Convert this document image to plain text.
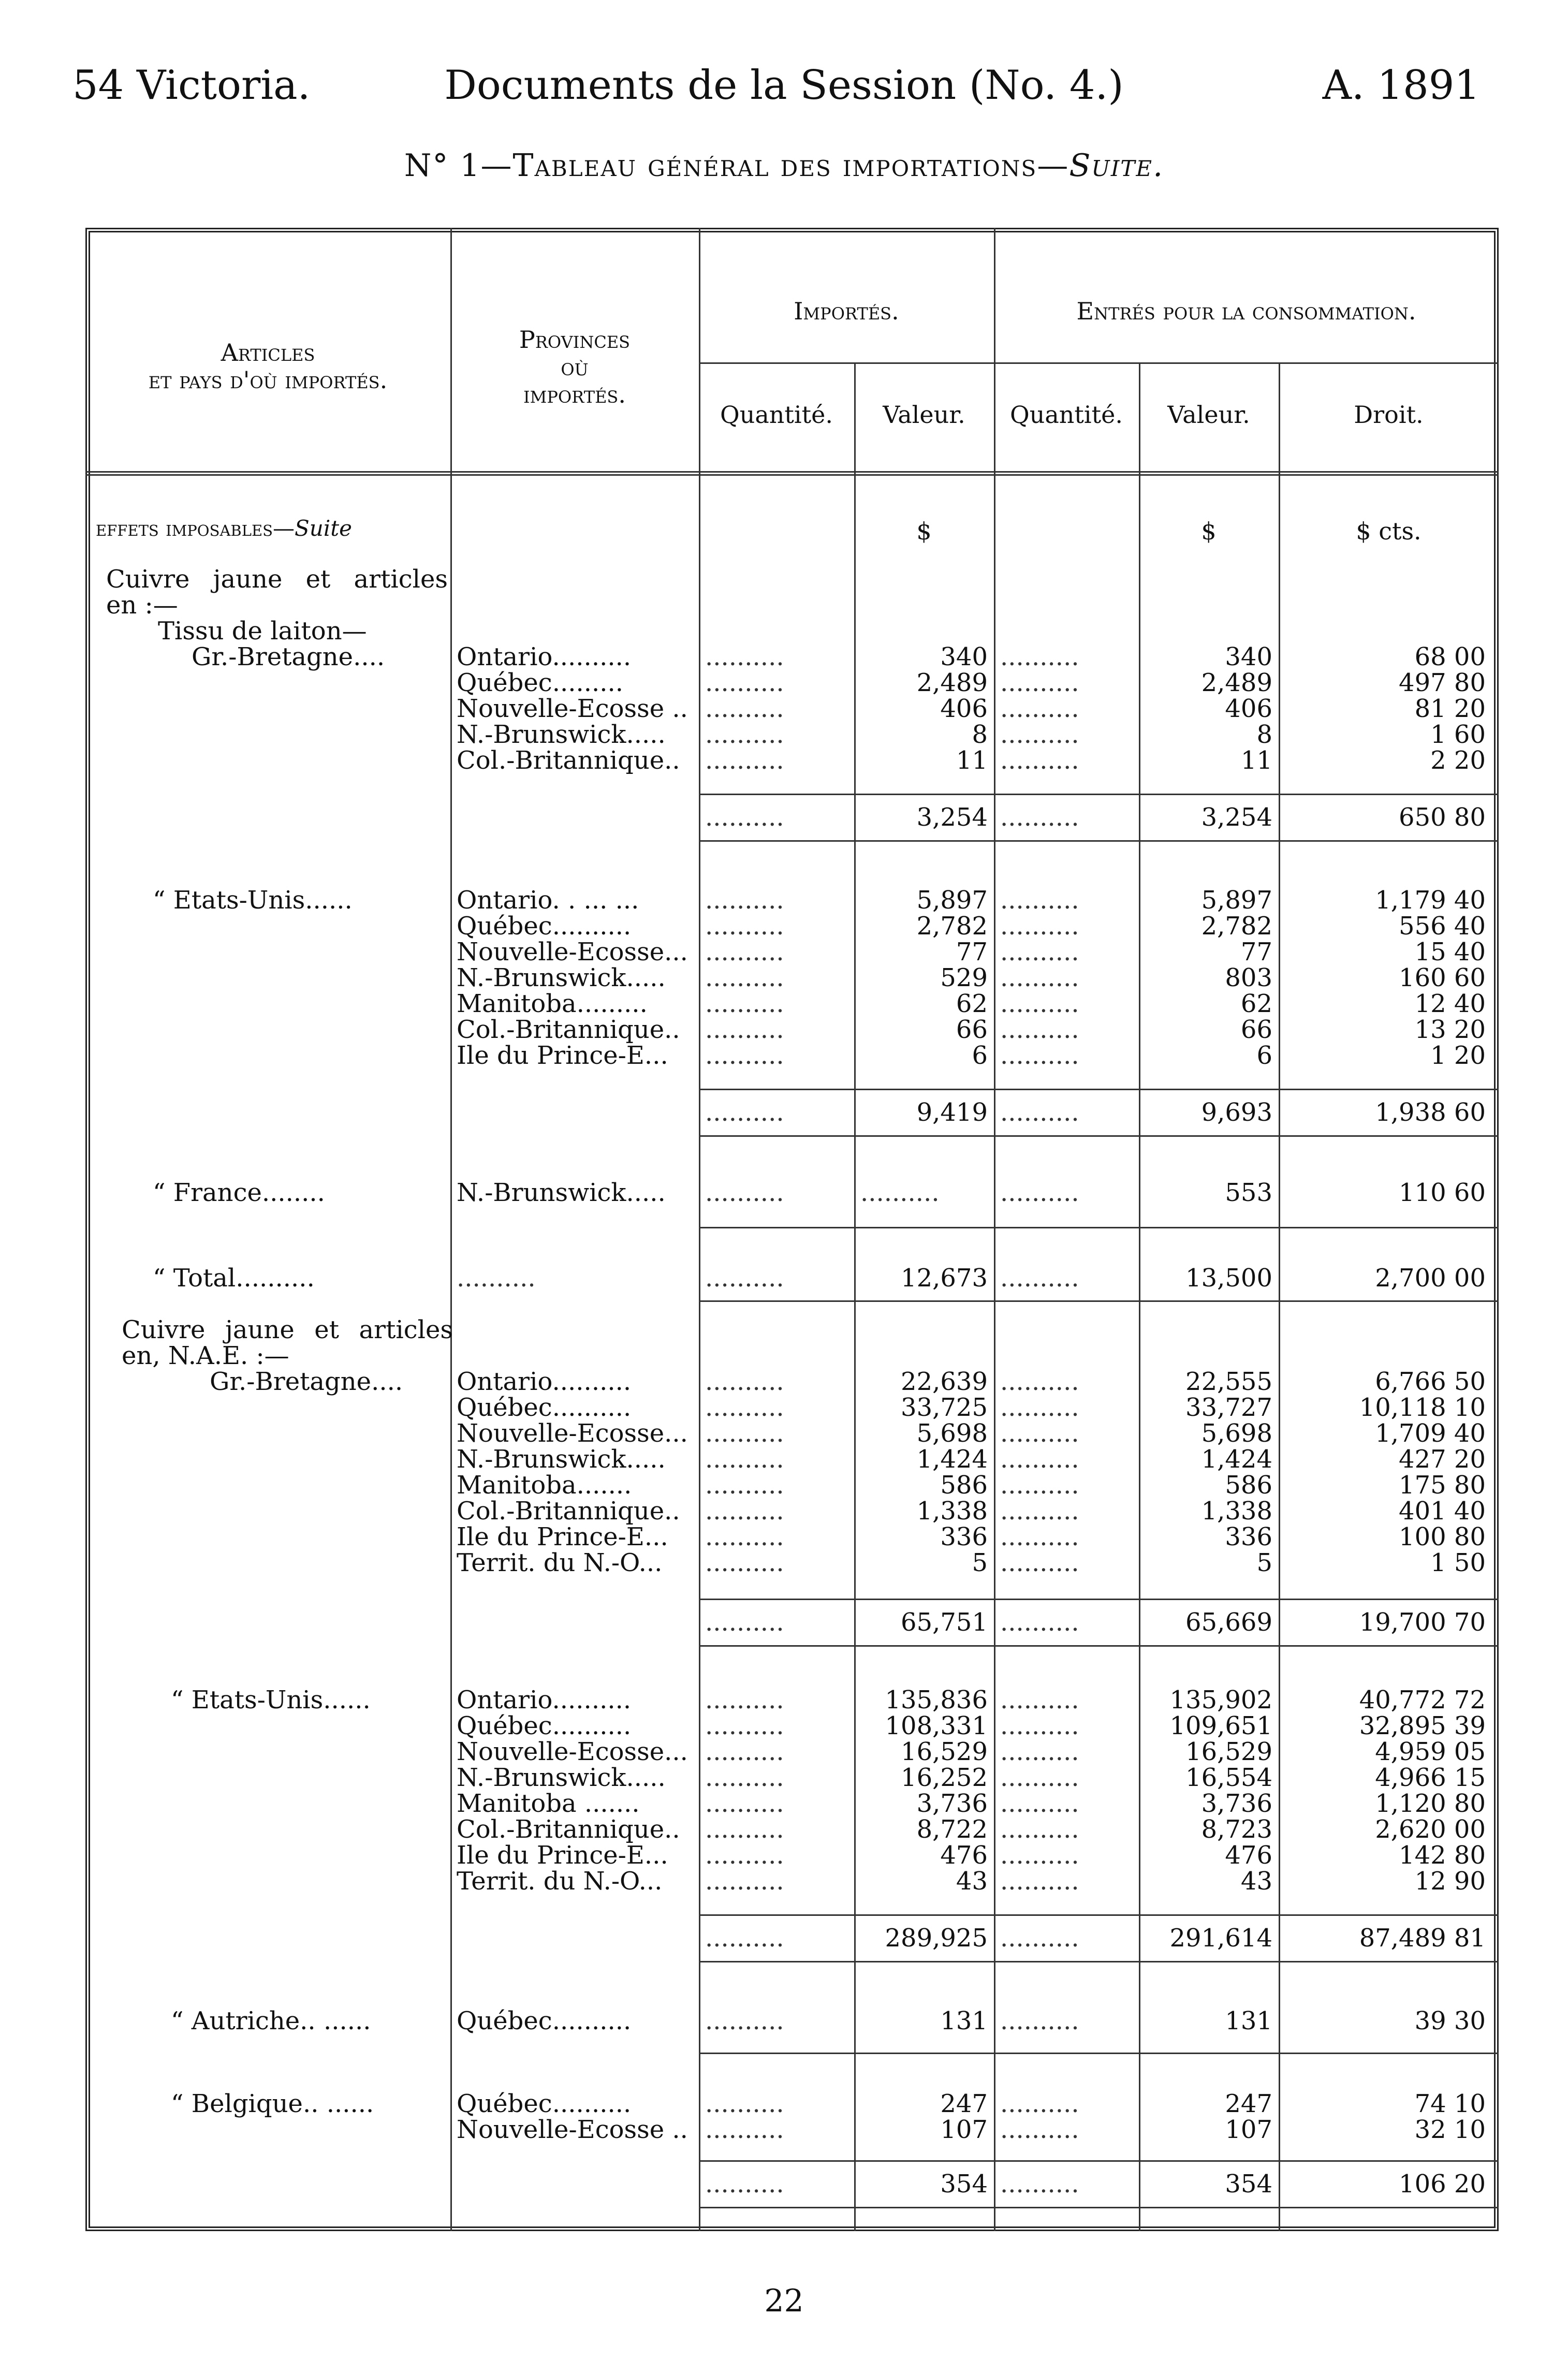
54 Victoria.	Documents de la Session (No. 4.)	A. 1891
N° 1—Tableau général des importations—Suite.
Articles
et pays d'où importés.
Provinces
où
importés.
Importés.	Entrés pour la consommation.
Quantité.	Valeur.	Quantité.	Valeur.	Droit.
$	$	$ cts.
effets imposables—Suite
Cuivre jaune et articles
en :—
Tissu de laiton—
Gr.-Bretagne....	Ontario..........	..........	340 ..........	340	68 00
Québec.........	..........	2,489 ..........	2,489	497 80
Nouvelle-Ecosse .. ..........	406 ..........	406	81 20
N.-Brunswick..... ..........	8 ..........	8	1 60
Col.-Britannique.. ..........	11 ..........	11	2 20
..........	3,254 ..........	3,254	650 80
“ Etats-Unis......	Ontario. . ... ...	..........	5,897 ..........	5,897	1,179 40
Québec..........	..........	2,782 ..........	2,782	556 40
Nouvelle-Ecosse... ..........	77 ..........	77	15 40
N.-Brunswick..... ..........	529 ..........	803	160 60
Manitoba......... ..........	62 ..........	62	12 40
Col.-Britannique.. ..........	66 ..........	66	13 20
Ile du Prince-E... ..........	6 ..........	6	1 20
..........	9,419 ..........	9,693	1,938 60
“ France........	N.-Brunswick..... ..........	..........	..........	553	110 60
“ Total..........	..........	..........	12,673 ..........	13,500	2,700 00
Cuivre jaune et articles
en, N.A.E. :—
Gr.-Bretagne.... Ontario..........	..........	22,639 ..........	22,555	6,766 50
Québec..........	..........	33,725 ..........	33,727	10,118 10
Nouvelle-Ecosse... ..........	5,698 ..........	5,698	1,709 40
N.-Brunswick..... ..........	1,424 ..........	1,424	427 20
Manitoba.......	..........	586 ..........	586	175 80
Col.-Britannique.. ..........	1,338 ..........	1,338	401 40
Ile du Prince-E... ..........	336 ..........	336	100 80
Territ. du N.-O... ..........	5 ..........	5	1 50
..........	65,751 ..........	65,669	19,700 70
“ Etats-Unis......	Ontario..........	..........	135,836 ..........	135,902	40,772 72
Québec..........	..........	108,331 ..........	109,651	32,895 39
Nouvelle-Ecosse... ..........	16,529 ..........	16,529	4,959 05
N.-Brunswick..... ..........	16,252 ..........	16,554	4,966 15
Manitoba .......	..........	3,736 ..........	3,736	1,120 80
Col.-Britannique.. ..........	8,722 ..........	8,723	2,620 00
Ile du Prince-E... ..........	476 ..........	476	142 80
Territ. du N.-O... ..........	43 ..........	43	12 90
..........	289,925 ..........	291,614	87,489 81
“ Autriche.. ......	Québec..........	..........	131 ..........	131	39 30
“ Belgique.. ......	Québec..........	..........	247 ..........	247	74 10
Nouvelle-Ecosse .. ..........	107 ..........	107	32 10
..........	354 ..........	354	106 20
22
